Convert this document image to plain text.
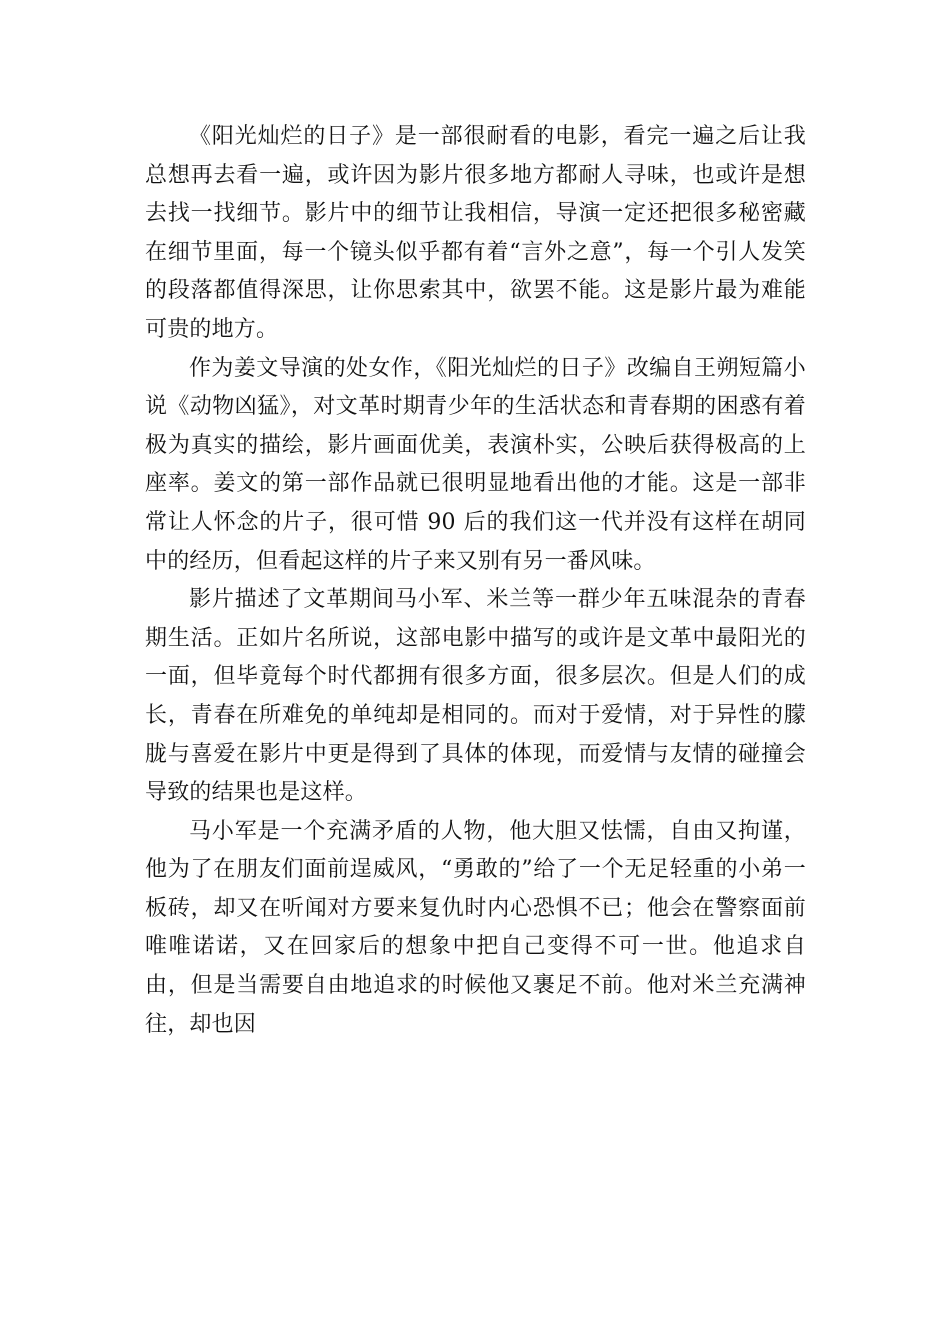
《阳光灿烂的日子》是一部很耐看的电影，看完一遍之后让我总想再去看一遍，或许因为影片很多地方都耐人寻味，也或许是想去找一找细节。影片中的细节让我相信，导演一定还把很多秘密藏在细节里面，每一个镜头似乎都有着“言外之意”，每一个引人发笑的段落都值得深思，让你思索其中，欲罢不能。这是影片最为难能可贵的地方。

作为姜文导演的处女作，《阳光灿烂的日子》改编自王朔短篇小说《动物凶猛》，对文革时期青少年的生活状态和青春期的困惑有着极为真实的描绘，影片画面优美，表演朴实，公映后获得极高的上座率。姜文的第一部作品就已很明显地看出他的才能。这是一部非常让人怀念的片子，很可惜 90 后的我们这一代并没有这样在胡同中的经历，但看起这样的片子来又别有另一番风味。

影片描述了文革期间马小军、米兰等一群少年五味混杂的青春期生活。正如片名所说，这部电影中描写的或许是文革中最阳光的一面，但毕竟每个时代都拥有很多方面，很多层次。但是人们的成长，青春在所难免的单纯却是相同的。而对于爱情，对于异性的朦胧与喜爱在影片中更是得到了具体的体现，而爱情与友情的碰撞会导致的结果也是这样。

马小军是一个充满矛盾的人物，他大胆又怯懦，自由又拘谨，他为了在朋友们面前逞威风，“勇敢的”给了一个无足轻重的小弟一板砖，却又在听闻对方要来复仇时内心恐惧不已；他会在警察面前唯唯诺诺，又在回家后的想象中把自己变得不可一世。他追求自由，但是当需要自由地追求的时候他又裹足不前。他对米兰充满神往，却也因
